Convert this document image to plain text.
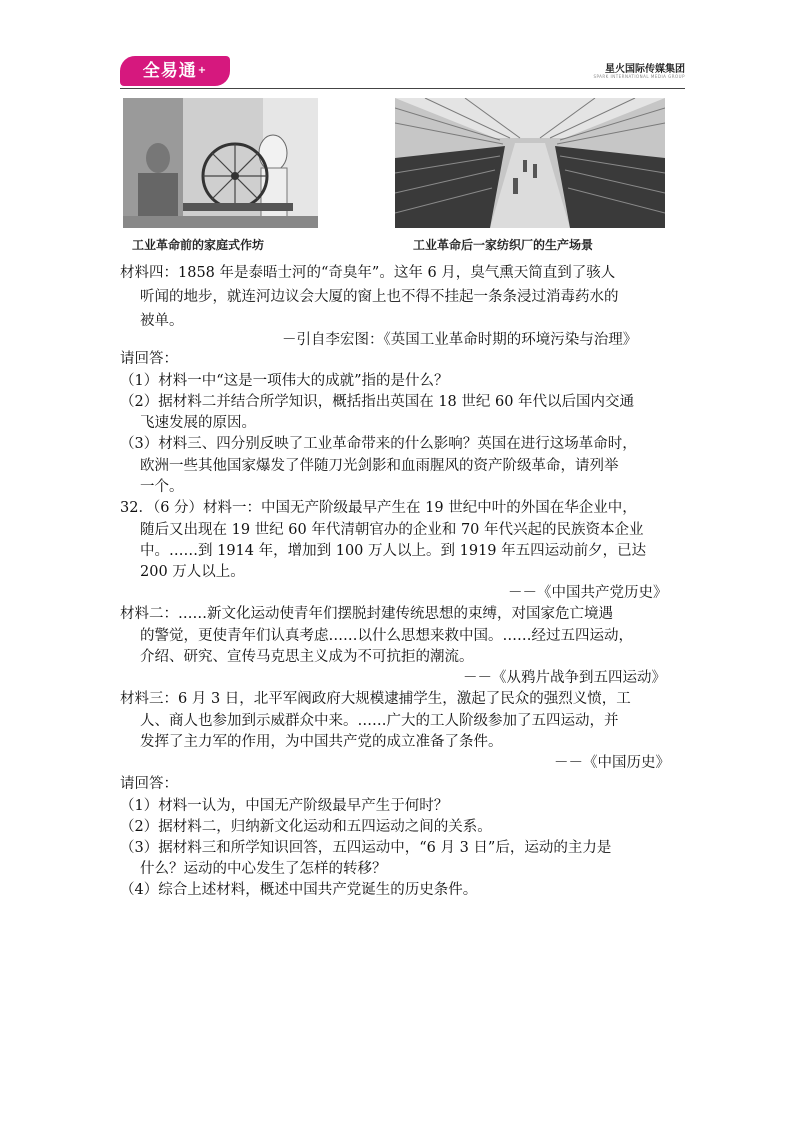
全易通+	星火国际传媒集团
SPARK INTERNATIONAL MEDIA GROUP
工业革命前的家庭式作坊	工业革命后一家纺织厂的生产场景
材料四：1858 年是泰晤士河的“奇臭年”。这年 6 月，臭气熏天简直到了骇人
听闻的地步，就连河边议会大厦的窗上也不得不挂起一条条浸过消毒药水的
被单。
－引自李宏图：《英国工业革命时期的环境污染与治理》
请回答：
（1）材料一中“这是一项伟大的成就”指的是什么？
（2）据材料二并结合所学知识，概括指出英国在 18 世纪 60 年代以后国内交通
飞速发展的原因。
（3）材料三、四分别反映了工业革命带来的什么影响？英国在进行这场革命时，
欧洲一些其他国家爆发了伴随刀光剑影和血雨腥风的资产阶级革命，请列举
一个。
32．（6 分）材料一：中国无产阶级最早产生在 19 世纪中叶的外国在华企业中，
随后又出现在 19 世纪 60 年代清朝官办的企业和 70 年代兴起的民族资本企业
中。……到 1914 年，增加到 100 万人以上。到 1919 年五四运动前夕，已达
200 万人以上。
－－《中国共产党历史》
材料二：……新文化运动使青年们摆脱封建传统思想的束缚，对国家危亡境遇
的警觉，更使青年们认真考虑……以什么思想来救中国。……经过五四运动，
介绍、研究、宣传马克思主义成为不可抗拒的潮流。
－－《从鸦片战争到五四运动》
材料三：6 月 3 日，北平军阀政府大规模逮捕学生，激起了民众的强烈义愤，工
人、商人也参加到示威群众中来。……广大的工人阶级参加了五四运动，并
发挥了主力军的作用，为中国共产党的成立准备了条件。
－－《中国历史》
请回答：
（1）材料一认为，中国无产阶级最早产生于何时？
（2）据材料二，归纳新文化运动和五四运动之间的关系。
（3）据材料三和所学知识回答，五四运动中，“6 月 3 日”后，运动的主力是
什么？运动的中心发生了怎样的转移？
（4）综合上述材料，概述中国共产党诞生的历史条件。
